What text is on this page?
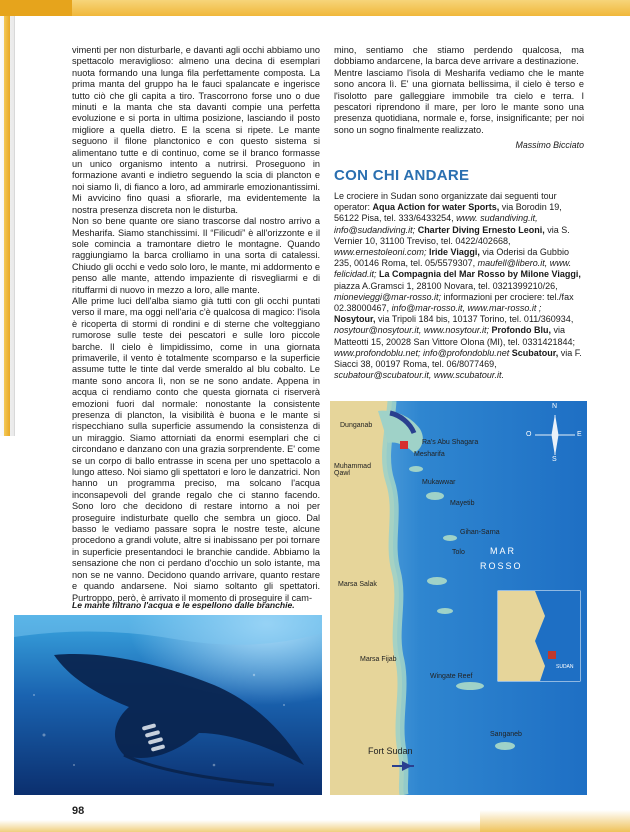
vimenti per non disturbarle, e davanti agli occhi abbiamo uno spettacolo meraviglioso: almeno una decina di esemplari nuota formando una lunga fila perfettamente composta. La prima manta del gruppo ha le fauci spalancate e ingerisce tutto ciò che gli capita a tiro. Trascorrono forse uno o due minuti e la manta che sta davanti compie una perfetta evoluzione e si porta in ultima posizione, lasciando il posto migliore a quella dietro. E la scena si ripete. Le mante seguono il filone planctonico e con questo sistema si alimentano tutte e di continuo, come se il branco formasse un unico organismo intento a nutrirsi. Proseguono in formazione avanti e indietro seguendo la scia di plancton e noi siamo lì, di fianco a loro, ad ammirarle emozionantissimi. Mi avvicino fino quasi a sfiorarle, ma evidentemente la nostra presenza discreta non le disturba.

Non so bene quante ore siano trascorse dal nostro arrivo a Mesharifa. Siamo stanchissimi. Il “Filicudi” è all'orizzonte e il sole comincia a tramontare dietro le montagne. Quando raggiungiamo la barca crolliamo in una sorta di catalessi. Chiudo gli occhi e vedo solo loro, le mante, mi addormento e penso alle mante, attendo impaziente di risvegliarmi e di rituffarmi di nuovo in mezzo a loro, alle mante.

Alle prime luci dell'alba siamo già tutti con gli occhi puntati verso il mare, ma oggi nell'aria c'è qualcosa di magico: l'isola è ricoperta di stormi di rondini e di sterne che volteggiano rumorose sulle teste dei pescatori e sulle loro piccole barche. Il cielo è limpidissimo, come in una giornata primaverile, il vento è totalmente scomparso e la superficie assume tutte le tinte dal verde smeraldo al blu cobalto. Le mante sono ancora lì, non se ne sono andate. Appena in acqua ci rendiamo conto che questa giornata ci riserverà emozioni fuori dal normale: nonostante la consistente presenza di plancton, la visibilità è buona e le mante si rispecchiano sulla superficie assumendo la consistenza di un miraggio. Siamo attorniati da enormi esemplari che ci circondano e danzano con una grazia sorprendente. E' come se un corpo di ballo entrasse in scena per uno spettacolo a lungo atteso. Noi siamo gli spettatori e loro le danzatrici. Non hanno un programma preciso, ma solcano l'acqua inconsapevoli del grande regalo che ci stanno facendo. Sono loro che decidono di restare intorno a noi per proseguire indisturbate quello che sembra un gioco. Dal basso le vediamo passare sopra le nostre teste, alcune procedono a grandi volute, altre si inabissano per poi tornare in superficie presentandoci le branchie candide. Abbiamo la sensazione che non ci perdano d'occhio un solo istante, ma non se ne vanno. Decidono quando arrivare, quanto restare e quando andarsene. Noi siamo soltanto gli spettatori. Purtroppo, però, è arrivato il momento di proseguire il cam-

mino, sentiamo che stiamo perdendo qualcosa, ma dobbiamo andarcene, la barca deve arrivare a destinazione.

Mentre lasciamo l'isola di Mesharifa vediamo che le mante sono ancora lì. E' una giornata bellissima, il cielo è terso e l'isolotto pare galleggiare immobile tra cielo e terra. I pescatori riprendono il mare, per loro le mante sono una presenza quotidiana, normale e, forse, insignificante; per noi sono un sogno finalmente realizzato.

Massimo Bicciato
CON CHI ANDARE
Le crociere in Sudan sono organizzate dai seguenti tour operator: Aqua Action for water Sports, via Borodin 19, 56122 Pisa, tel. 333/6433254, www. sudandiving.it, info@sudandiving.it; Charter Diving Ernesto Leoni, via S. Vernier 10, 31100 Treviso, tel. 0422/402668, www.ernestoleoni.com; Iride Viaggi, via Oderisi da Gubbio 235, 00146 Roma, tel. 05/5579307, maufell@libero.it, www. felicidad.it; La Compagnia del Mar Rosso by Milone Viaggi, piazza A.Gramsci 1, 28100 Novara, tel. 0321399210/26, mionevieggi@mar-rosso.it; informazioni per crociere: tel./fax 02.38000467, info@mar-rosso.it, www.mar-rosso.it ; Nosytour, via Tripoli 184 bis, 10137 Torino, tel. 011/360934, nosytour@nosytour.it, www.nosytour.it; Profondo Blu, via Matteotti 15, 20028 San Vittore Olona (MI), tel. 0331421844; www.profondoblu.net; info@profondoblu.net Scubatour, via F. Siacci 38, 00197 Roma, tel. 06/8077469, scubatour@scubatour.it, www.scubatour.it.
Le mante filtrano l'acqua e le espellono dalle branchie.
Dunganab
Muhammad Qawl
Ra's Abu Shagara
Mesharifa
Mukawwar
Mayetib
Gihan-Sarna
Tolo
Marsa Salak
Marsa Fijab
Wingate Reef
Sanganeb
Fort Sudan
MAR
ROSSO
SUDAN
N
S
E
O
98
